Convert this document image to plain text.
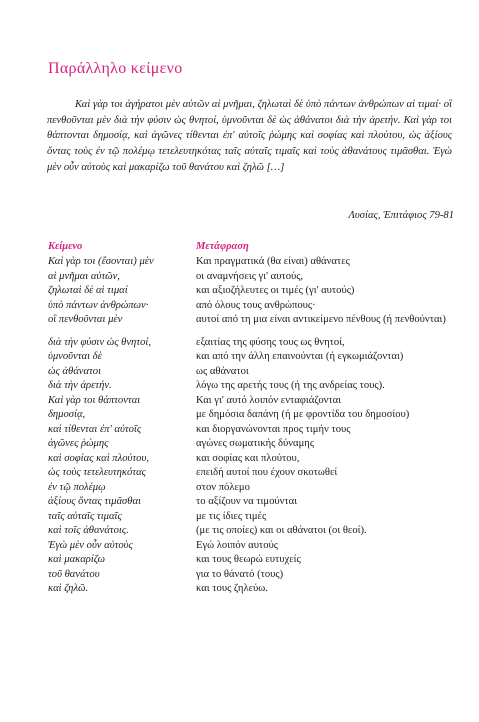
Παράλληλο κείμενο

Καὶ γὰρ τοι ἀγήρατοι μὲν αὐτῶν αἱ μνῆμαι, ζηλωταὶ δὲ ὑπὸ πάντων ἀνθρώπων αἱ τιμαί· οἳ πενθοῦνται μὲν διὰ τὴν φύσιν ὡς θνητοί, ὑμνοῦνται δὲ ὡς ἀθάνατοι διὰ τὴν ἀρετήν. Καὶ γὰρ τοι θάπτονται δημοσίᾳ, καὶ ἀγῶνες τίθενται ἐπ' αὐτοῖς ῥώμης καὶ σοφίας καὶ πλούτου, ὡς ἀξίους ὄντας τοὺς ἐν τῷ πολέμῳ τετελευτηκότας ταῖς αὐταῖς τιμαῖς καὶ τοὺς ἀθανάτους τιμᾶσθαι. Ἐγὼ μὲν οὖν αὐτοὺς καὶ μακαρίζω τοῦ θανάτου καὶ ζηλῶ […]

Λυσίας, Ἐπιτάφιος 79-81
Κείμενο	Μετάφραση
Καὶ γὰρ τοι (ἔσονται) μὲν	Και πραγματικά (θα είναι) αθάνατες
αἱ μνῆμαι αὐτῶν,	οι αναμνήσεις γι' αυτούς,
ζηλωταὶ δὲ αἱ τιμαί	και αξιοζήλευτες οι τιμές (γι' αυτούς)
ὑπὸ πάντων ἀνθρώπων·	από όλους τους ανθρώπους·
οἳ πενθοῦνται μὲν	αυτοί από τη μια είναι αντικείμενο πένθους (ή πενθούνται)
διὰ τὴν φύσιν ὡς θνητοί,	εξαιτίας της φύσης τους ως θνητοί,
ὑμνοῦνται δὲ	και από την άλλη επαινούνται (ή εγκωμιάζονται)
ὡς ἀθάνατοι	ως αθάνατοι
διὰ τὴν ἀρετήν.	λόγω της αρετής τους (ή της ανδρείας τους).
Καὶ γὰρ τοι θάπτονται	Και γι' αυτό λοιπόν ενταφιάζονται
δημοσίᾳ,	με δημόσια δαπάνη (ή με φροντίδα του δημοσίου)
καὶ τίθενται ἐπ' αὐτοῖς	και διοργανώνονται προς τιμήν τους
ἀγῶνες ῥώμης	αγώνες σωματικής δύναμης
καὶ σοφίας καὶ πλούτου,	και σοφίας και πλούτου,
ὡς τοὺς τετελευτηκότας	επειδή αυτοί που έχουν σκοτωθεί
ἐν τῷ πολέμῳ	στον πόλεμο
ἀξίους ὄντας τιμᾶσθαι	το αξίζουν να τιμούνται
ταῖς αὐταῖς τιμαῖς	με τις ίδιες τιμές
καὶ τοῖς ἀθανάτοις.	(με τις οποίες) και οι αθάνατοι (οι θεοί).
Ἐγὼ μὲν οὖν αὐτοὺς	Εγώ λοιπόν αυτούς
καὶ μακαρίζω	και τους θεωρώ ευτυχείς
τοῦ θανάτου	για το θάνατό (τους)
καὶ ζηλῶ.	και τους ζηλεύω.
